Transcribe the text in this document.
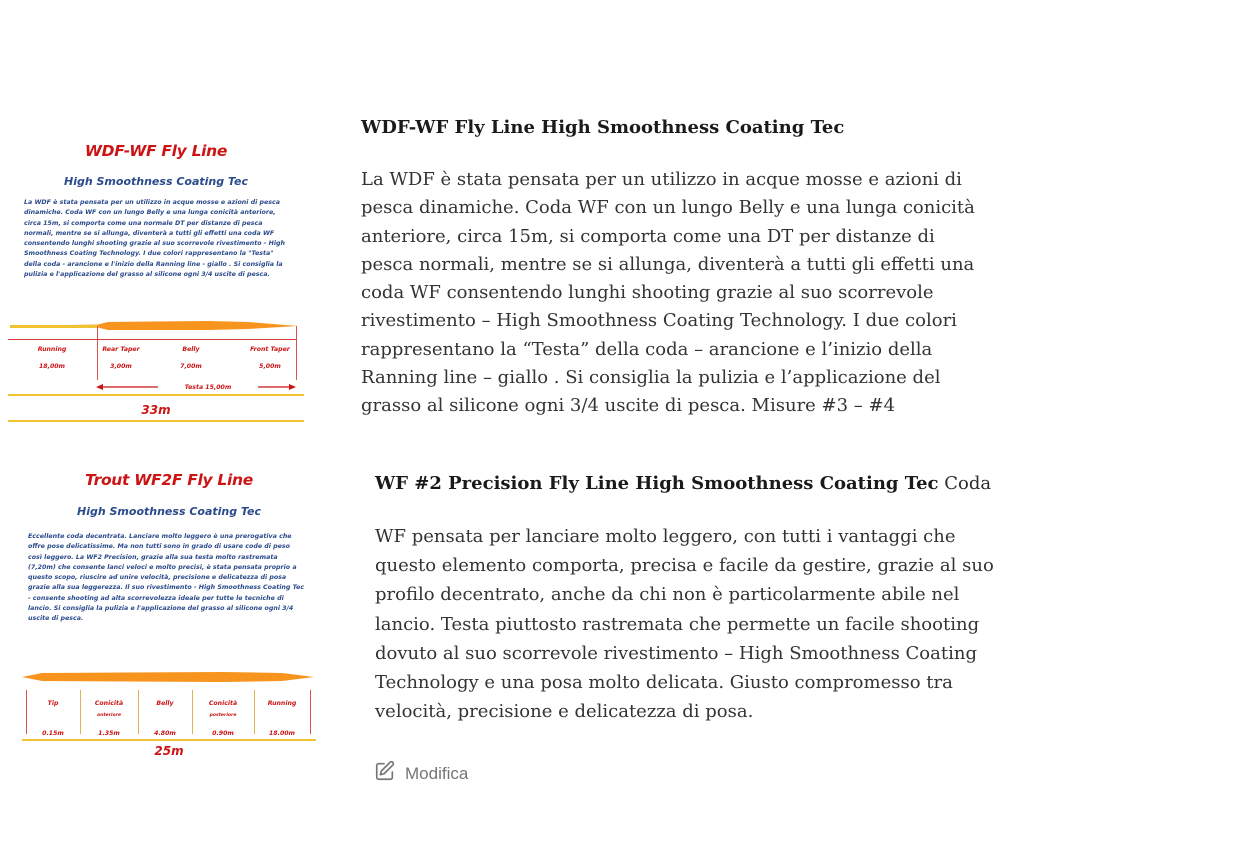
WDF-WF Fly Line
High Smoothness Coating Tec
La WDF è stata pensata per un utilizzo in acque mosse e azioni di pesca dinamiche. Coda WF con un lungo Belly e una lunga conicità anteriore, circa 15m, si comporta come una normale DT per distanze di pesca normali, mentre se si allunga, diventerà a tutti gli effetti una coda WF consentendo lunghi shooting grazie al suo scorrevole rivestimento - High Smoothness Coating Technology. I due colori rappresentano la "Testa" della coda - arancione e l'inizio della Ranning line - giallo . Si consiglia la pulizia e l'applicazione del grasso al silicone ogni 3/4 uscite di pesca.
Running	Rear Taper	Belly	Front Taper
18,00m	3,00m	7,00m	5,00m
Testa 15,00m
33m
WDF-WF Fly Line High Smoothness Coating Tec
La WDF è stata pensata per un utilizzo in acque mosse e azioni di pesca dinamiche. Coda WF con un lungo Belly e una lunga conicità anteriore, circa 15m, si comporta come una DT per distanze di pesca normali, mentre se si allunga, diventerà a tutti gli effetti una coda WF consentendo lunghi shooting grazie al suo scorrevole rivestimento – High Smoothness Coating Technology. I due colori rappresentano la “Testa” della coda – arancione e l’inizio della Ranning line – giallo . Si consiglia la pulizia e l’applicazione del grasso al silicone ogni 3/4 uscite di pesca. Misure #3 – #4
Trout WF2F Fly Line
High Smoothness Coating Tec
Eccellente coda decentrata. Lanciare molto leggero è una prerogativa che offre pose delicatissime. Ma non tutti sono in grado di usare code di peso così leggero. La WF2 Precision, grazie alla sua testa molto rastremata (7,20m) che consente lanci veloci e molto precisi, è stata pensata proprio a questo scopo, riuscire ad unire velocità, precisione e delicatezza di posa grazie alla sua leggerezza. Il suo rivestimento - High Smoothness Coating Tec - consente shooting ad alta scorrevolezza ideale per tutte le tecniche di lancio. Si consiglia la pulizia e l'applicazione del grasso al silicone ogni 3/4 uscite di pesca.
Tip	Conicità	Belly	Conicità	Running
anteriore	posteriore
0.15m	1.35m	4.80m	0.90m	18.00m
25m
WF #2 Precision Fly Line High Smoothness Coating Tec Coda
WF pensata per lanciare molto leggero, con tutti i vantaggi che questo elemento comporta, precisa e facile da gestire, grazie al suo profilo decentrato, anche da chi non è particolarmente abile nel lancio. Testa piuttosto rastremata che permette un facile shooting dovuto al suo scorrevole rivestimento – High Smoothness Coating Technology e una posa molto delicata. Giusto compromesso tra velocità, precisione e delicatezza di posa.
Modifica
